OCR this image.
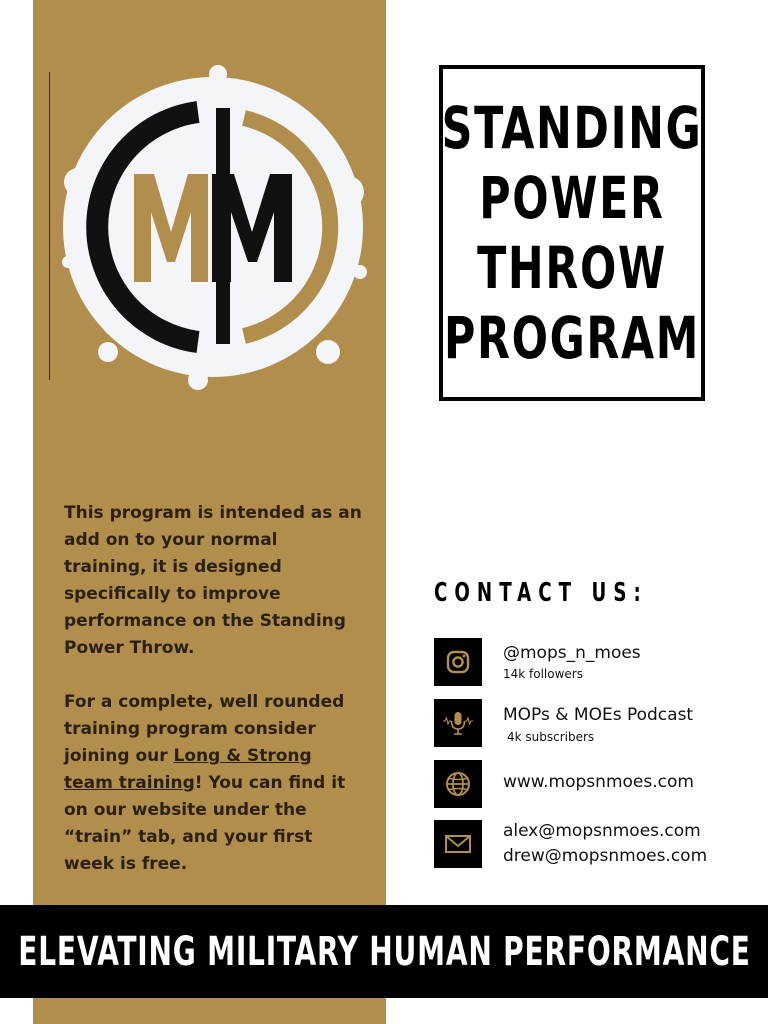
STANDING
POWER
THROW
PROGRAM

This program is intended as an add on to your normal training, it is designed specifically to improve performance on the Standing Power Throw.

For a complete, well rounded training program consider joining our Long & Strong team training! You can find it on our website under the “train” tab, and your first week is free.

CONTACT US:
@mops_n_moes
14k followers
MOPs & MOEs Podcast
4k subscribers
www.mopsnmoes.com
alex@mopsnmoes.com
drew@mopsnmoes.com
ELEVATING MILITARY HUMAN PERFORMANCE
